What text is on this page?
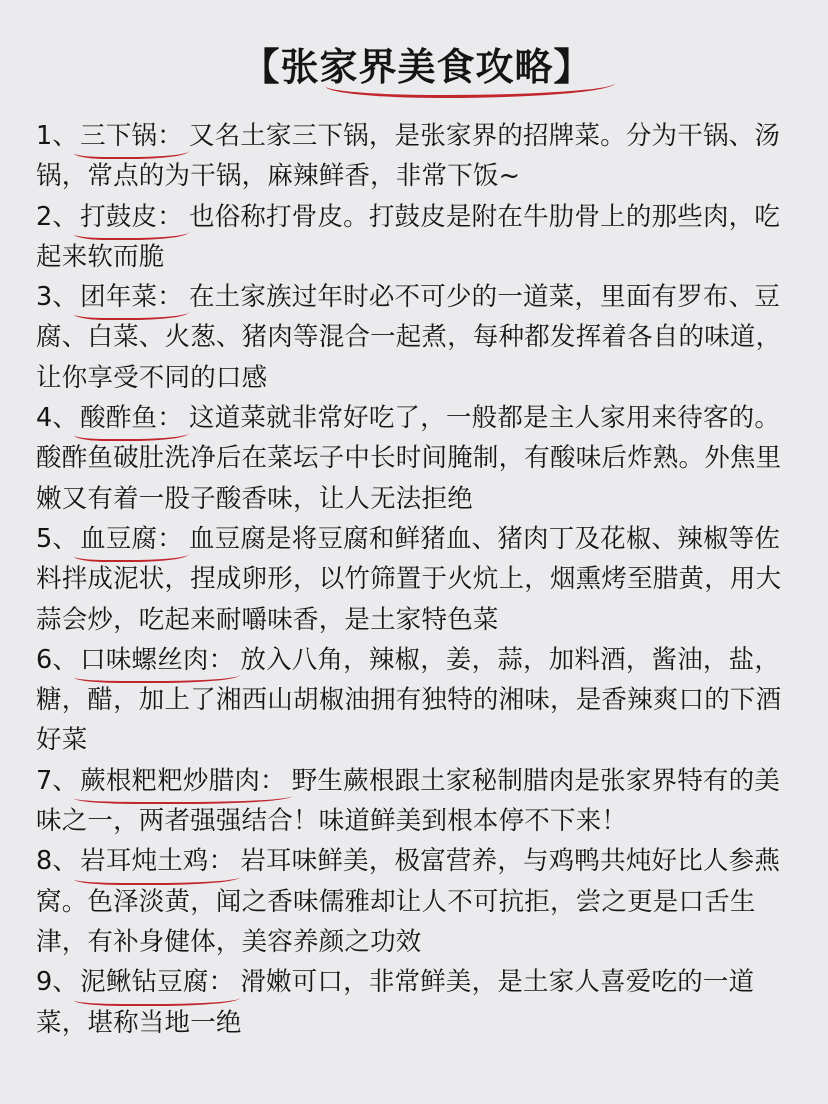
【张家界美食攻略】
1、三下锅： 又名土家三下锅，是张家界的招牌菜。分为干锅、汤锅，常点的为干锅，麻辣鲜香，非常下饭~
2、打鼓皮： 也俗称打骨皮。打鼓皮是附在牛肋骨上的那些肉，吃起来软而脆
3、团年菜： 在土家族过年时必不可少的一道菜，里面有罗布、豆腐、白菜、火葱、猪肉等混合一起煮，每种都发挥着各自的味道，让你享受不同的口感
4、酸酢鱼： 这道菜就非常好吃了，一般都是主人家用来待客的。酸酢鱼破肚洗净后在菜坛子中长时间腌制，有酸味后炸熟。外焦里嫩又有着一股子酸香味，让人无法拒绝
5、血豆腐： 血豆腐是将豆腐和鲜猪血、猪肉丁及花椒、辣椒等佐料拌成泥状，捏成卵形，以竹筛置于火炕上，烟熏烤至腊黄，用大蒜会炒，吃起来耐嚼味香，是土家特色菜
6、口味螺丝肉： 放入八角，辣椒，姜，蒜，加料酒，酱油，盐，糖，醋，加上了湘西山胡椒油拥有独特的湘味，是香辣爽口的下酒好菜
7、蕨根粑粑炒腊肉： 野生蕨根跟土家秘制腊肉是张家界特有的美味之一，两者强强结合！味道鲜美到根本停不下来！
8、岩耳炖土鸡： 岩耳味鲜美，极富营养，与鸡鸭共炖好比人参燕窝。色泽淡黄，闻之香味儒雅却让人不可抗拒，尝之更是口舌生津，有补身健体，美容养颜之功效
9、泥鳅钻豆腐： 滑嫩可口，非常鲜美，是土家人喜爱吃的一道菜，堪称当地一绝
